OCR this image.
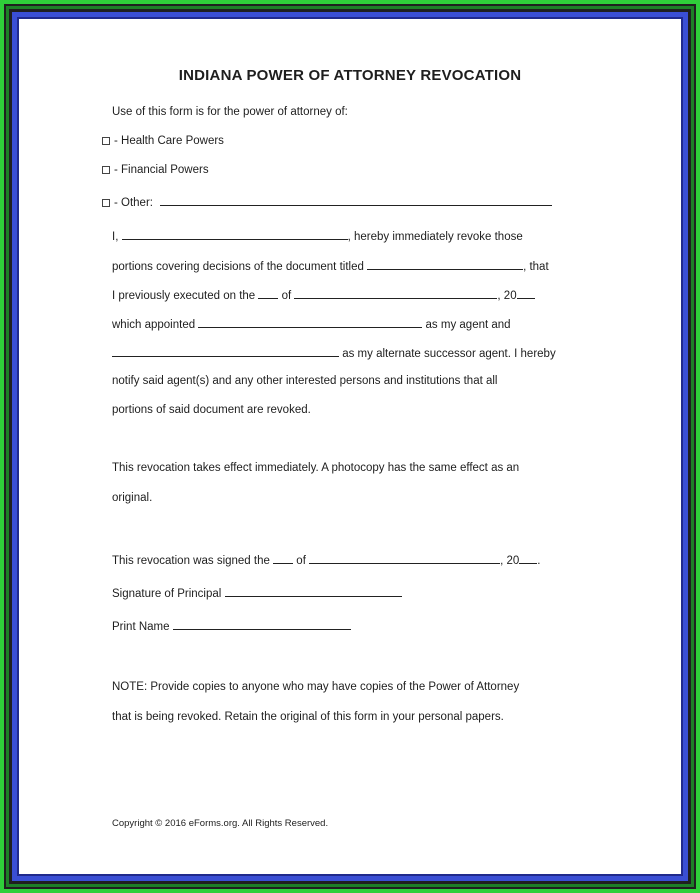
INDIANA POWER OF ATTORNEY REVOCATION
Use of this form is for the power of attorney of:
- Health Care Powers
- Financial Powers
- Other:
I,	, hereby immediately revoke those
portions covering decisions of the document titled	, that
I previously executed on the of	, 20
which appointed	as my agent and
as my alternate successor agent. I hereby
notify said agent(s) and any other interested persons and institutions that all
portions of said document are revoked.
This revocation takes effect immediately. A photocopy has the same effect as an
original.
This revocation was signed the of	, 20 .
Signature of Principal
Print Name
NOTE: Provide copies to anyone who may have copies of the Power of Attorney
that is being revoked. Retain the original of this form in your personal papers.
Copyright © 2016 eForms.org. All Rights Reserved.
